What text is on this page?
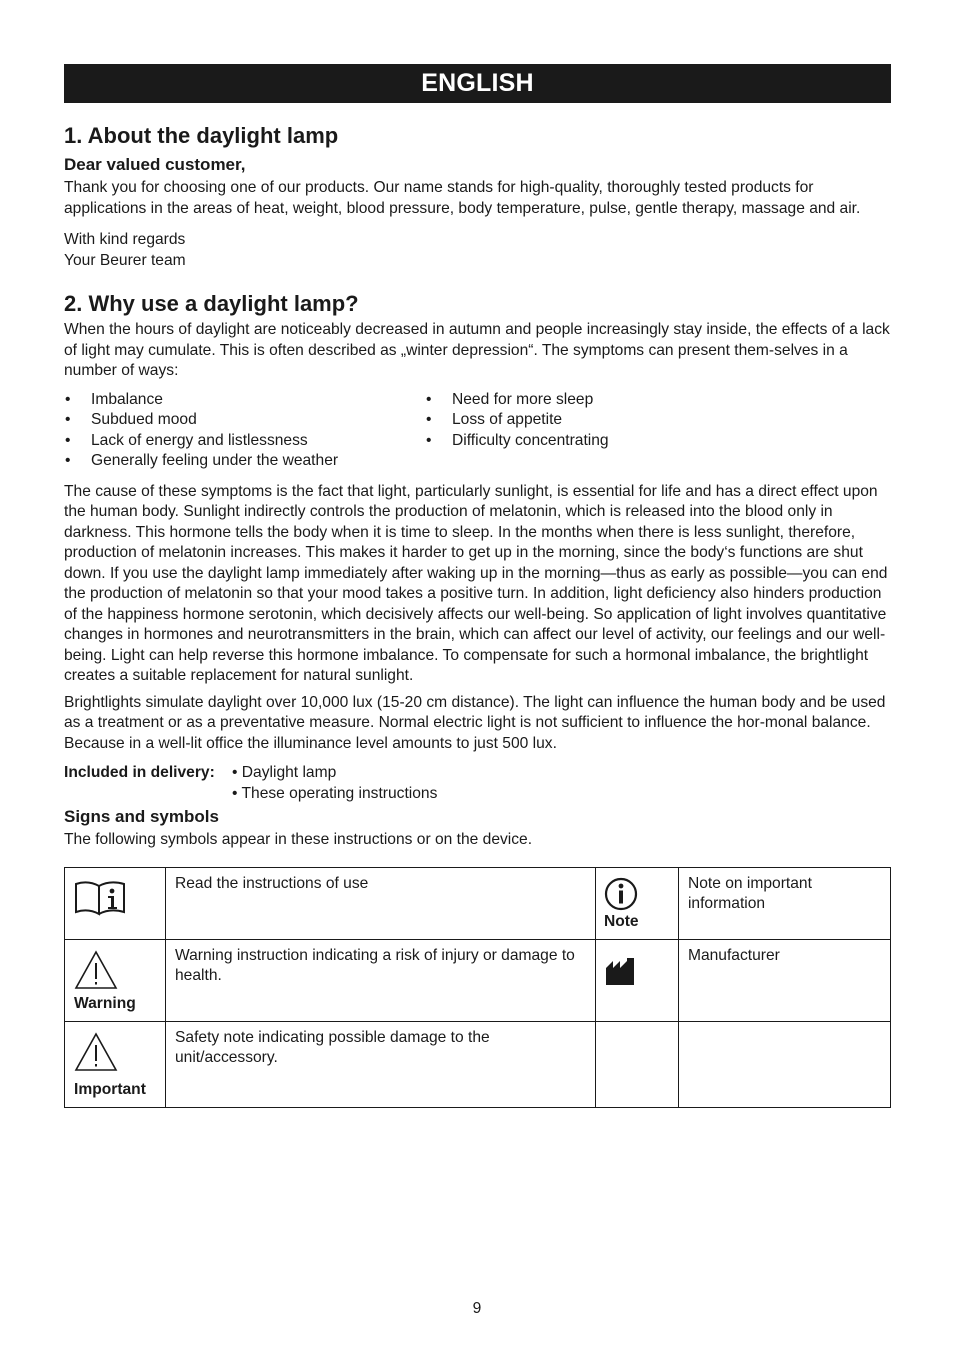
ENGLISH
1. About the daylight lamp
Dear valued customer,

Thank you for choosing one of our products. Our name stands for high-quality, thoroughly tested products for applications in the areas of heat, weight, blood pressure, body temperature, pulse, gentle therapy, massage and air.

With kind regards

Your Beurer team

2. Why use a daylight lamp?

When the hours of daylight are noticeably decreased in autumn and people increasingly stay inside, the effects of a lack of light may cumulate. This is often described as „winter depression“. The symptoms can present them-selves in a number of ways:

• Imbalance
• Subdued mood
• Lack of energy and listlessness
• Generally feeling under the weather
• Need for more sleep
• Loss of appetite
• Difficulty concentrating

The cause of these symptoms is the fact that light, particularly sunlight, is essential for life and has a direct effect upon the human body. Sunlight indirectly controls the production of melatonin, which is released into the blood only in darkness. This hormone tells the body when it is time to sleep. In the months when there is less sunlight, therefore, production of melatonin increases. This makes it harder to get up in the morning, since the body‘s functions are shut down. If you use the daylight lamp immediately after waking up in the morning—thus as early as possible—you can end the production of melatonin so that your mood takes a positive turn. In addition, light deficiency also hinders production of the happiness hormone serotonin, which decisively affects our well-being. So application of light involves quantitative changes in hormones and neurotransmitters in the brain, which can affect our level of activity, our feelings and our well-being. Light can help reverse this hormone imbalance. To compensate for such a hormonal imbalance, the brightlight creates a suitable replacement for natural sunlight.

Brightlights simulate daylight over 10,000 lux (15-20 cm distance). The light can influence the human body and be used as a treatment or as a preventative measure. Normal electric light is not sufficient to influence the hor-monal balance. Because in a well-lit office the illuminance level amounts to just 500 lux.

Included in delivery:	• Daylight lamp
• These operating instructions
Signs and symbols

The following symbols appear in these instructions or on the device.

	Read the instructions of use	Note	Note on important information

Warning	Warning instruction indicating a risk of injury or damage to health.		Manufacturer

Important	Safety note indicating possible damage to the unit/accessory.		
9
